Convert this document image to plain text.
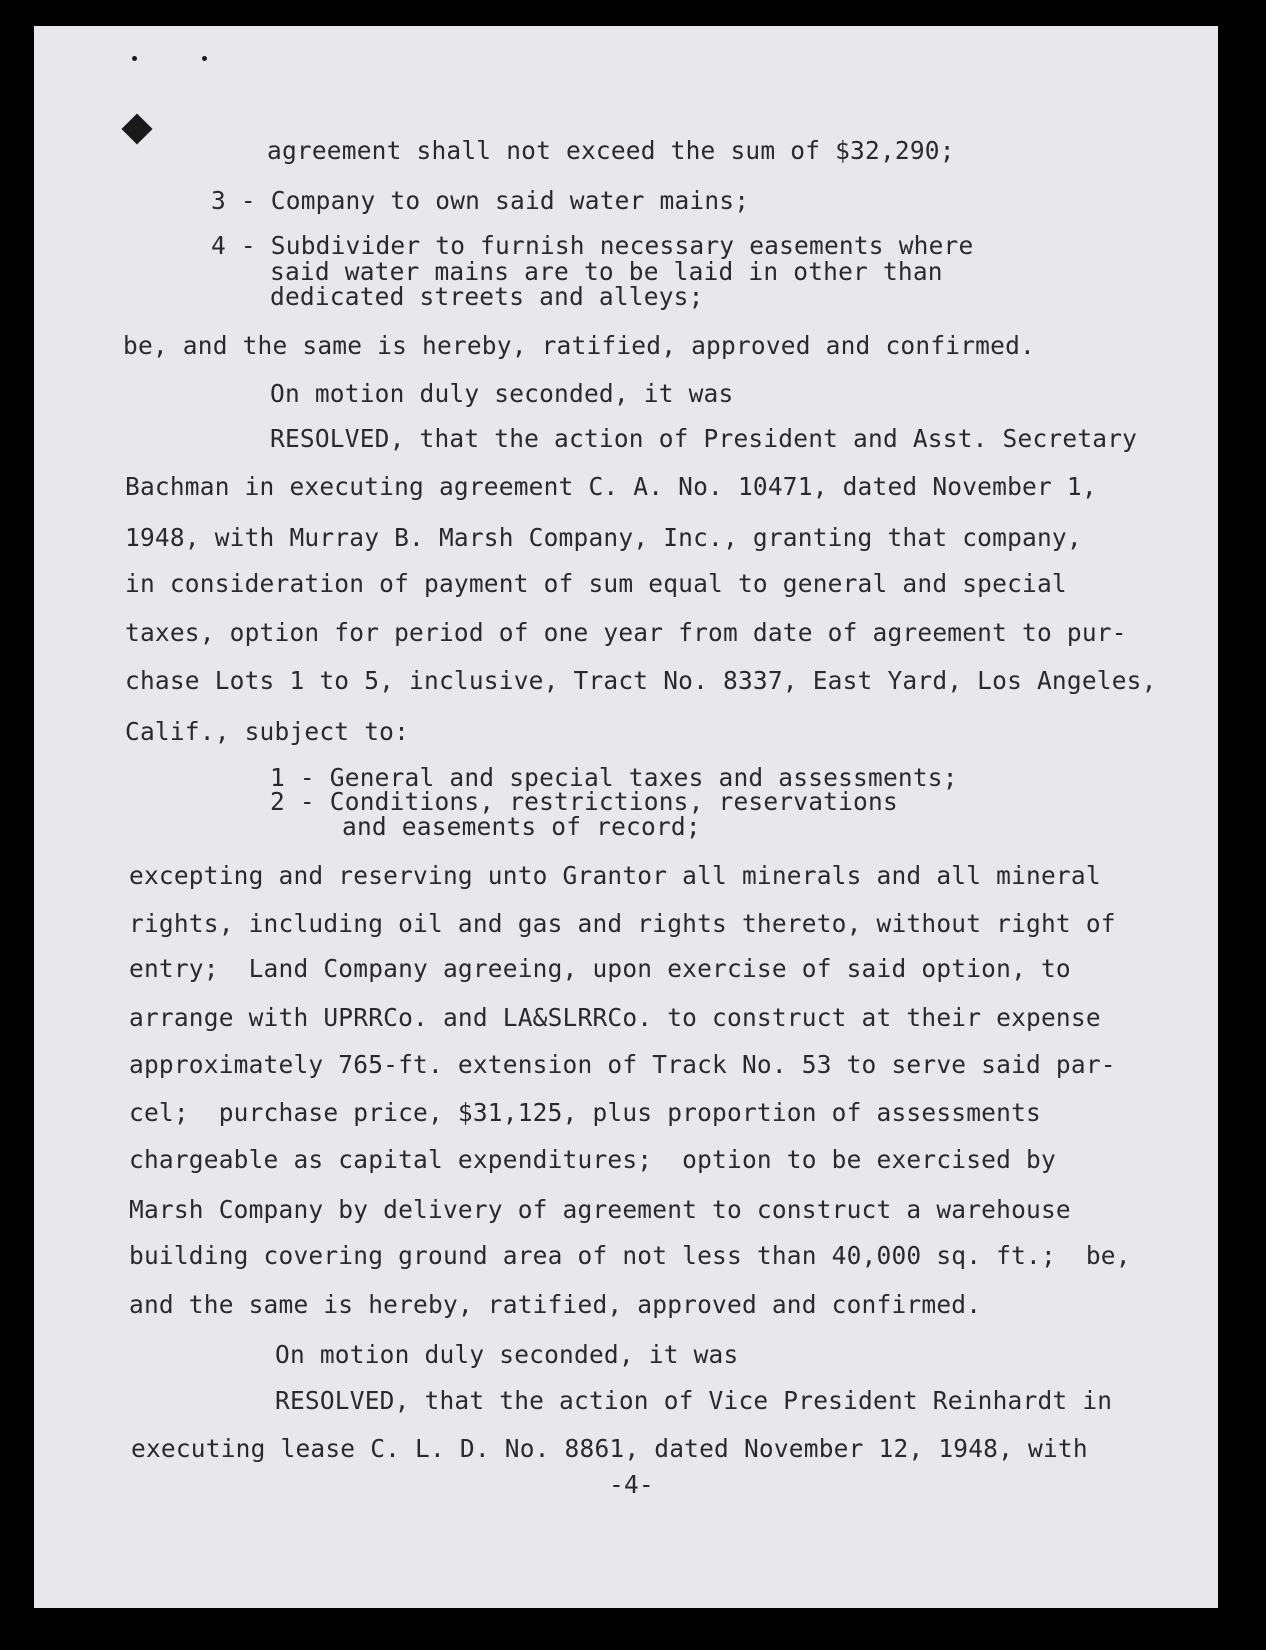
agreement shall not exceed the sum of $32,290;
3 - Company to own said water mains;
4 - Subdivider to furnish necessary easements where
said water mains are to be laid in other than
dedicated streets and alleys;
be, and the same is hereby, ratified, approved and confirmed.
On motion duly seconded, it was
RESOLVED, that the action of President and Asst. Secretary
Bachman in executing agreement C. A. No. 10471, dated November 1,
1948, with Murray B. Marsh Company, Inc., granting that company,
in consideration of payment of sum equal to general and special
taxes, option for period of one year from date of agreement to pur-
chase Lots 1 to 5, inclusive, Tract No. 8337, East Yard, Los Angeles,
Calif., subject to:
1 - General and special taxes and assessments;
2 - Conditions, restrictions, reservations
and easements of record;
excepting and reserving unto Grantor all minerals and all mineral
rights, including oil and gas and rights thereto, without right of
entry;  Land Company agreeing, upon exercise of said option, to
arrange with UPRRCo. and LA&SLRRCo. to construct at their expense
approximately 765-ft. extension of Track No. 53 to serve said par-
cel;  purchase price, $31,125, plus proportion of assessments
chargeable as capital expenditures;  option to be exercised by
Marsh Company by delivery of agreement to construct a warehouse
building covering ground area of not less than 40,000 sq. ft.;  be,
and the same is hereby, ratified, approved and confirmed.
On motion duly seconded, it was
RESOLVED, that the action of Vice President Reinhardt in
executing lease C. L. D. No. 8861, dated November 12, 1948, with
-4-
